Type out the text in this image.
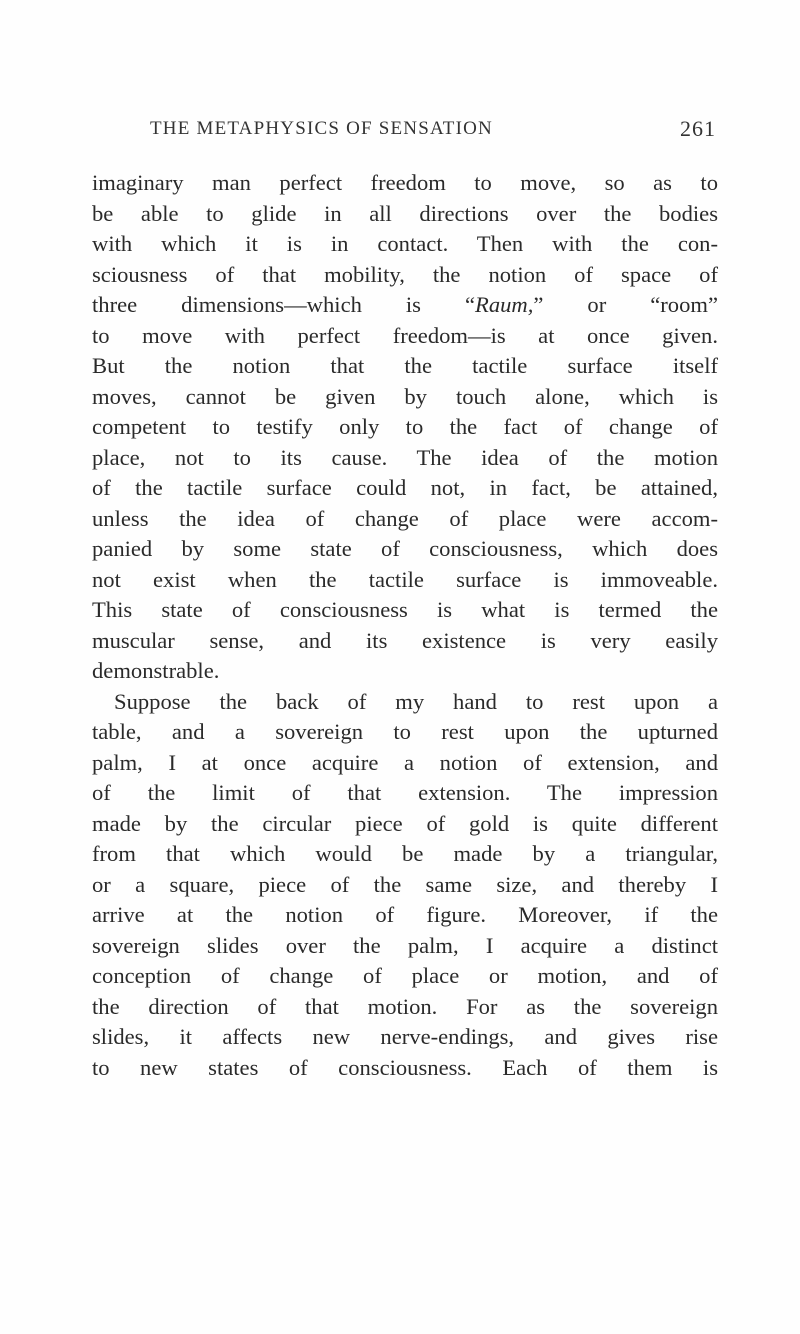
THE METAPHYSICS OF SENSATION	261

imaginary man perfect freedom to move, so as to
be able to glide in all directions over the bodies
with which it is in contact. Then with the con-
sciousness of that mobility, the notion of space of
three dimensions—which is “Raum,” or “room”
to move with perfect freedom—is at once given.
But the notion that the tactile surface itself
moves, cannot be given by touch alone, which is
competent to testify only to the fact of change of
place, not to its cause. The idea of the motion
of the tactile surface could not, in fact, be attained,
unless the idea of change of place were accom-
panied by some state of consciousness, which does
not exist when the tactile surface is immoveable.
This state of consciousness is what is termed the
muscular sense, and its existence is very easily
demonstrable.

Suppose the back of my hand to rest upon a
table, and a sovereign to rest upon the upturned
palm, I at once acquire a notion of extension, and
of the limit of that extension. The impression
made by the circular piece of gold is quite different
from that which would be made by a triangular,
or a square, piece of the same size, and thereby I
arrive at the notion of figure. Moreover, if the
sovereign slides over the palm, I acquire a distinct
conception of change of place or motion, and of
the direction of that motion. For as the sovereign
slides, it affects new nerve-endings, and gives rise
to new states of consciousness. Each of them is
